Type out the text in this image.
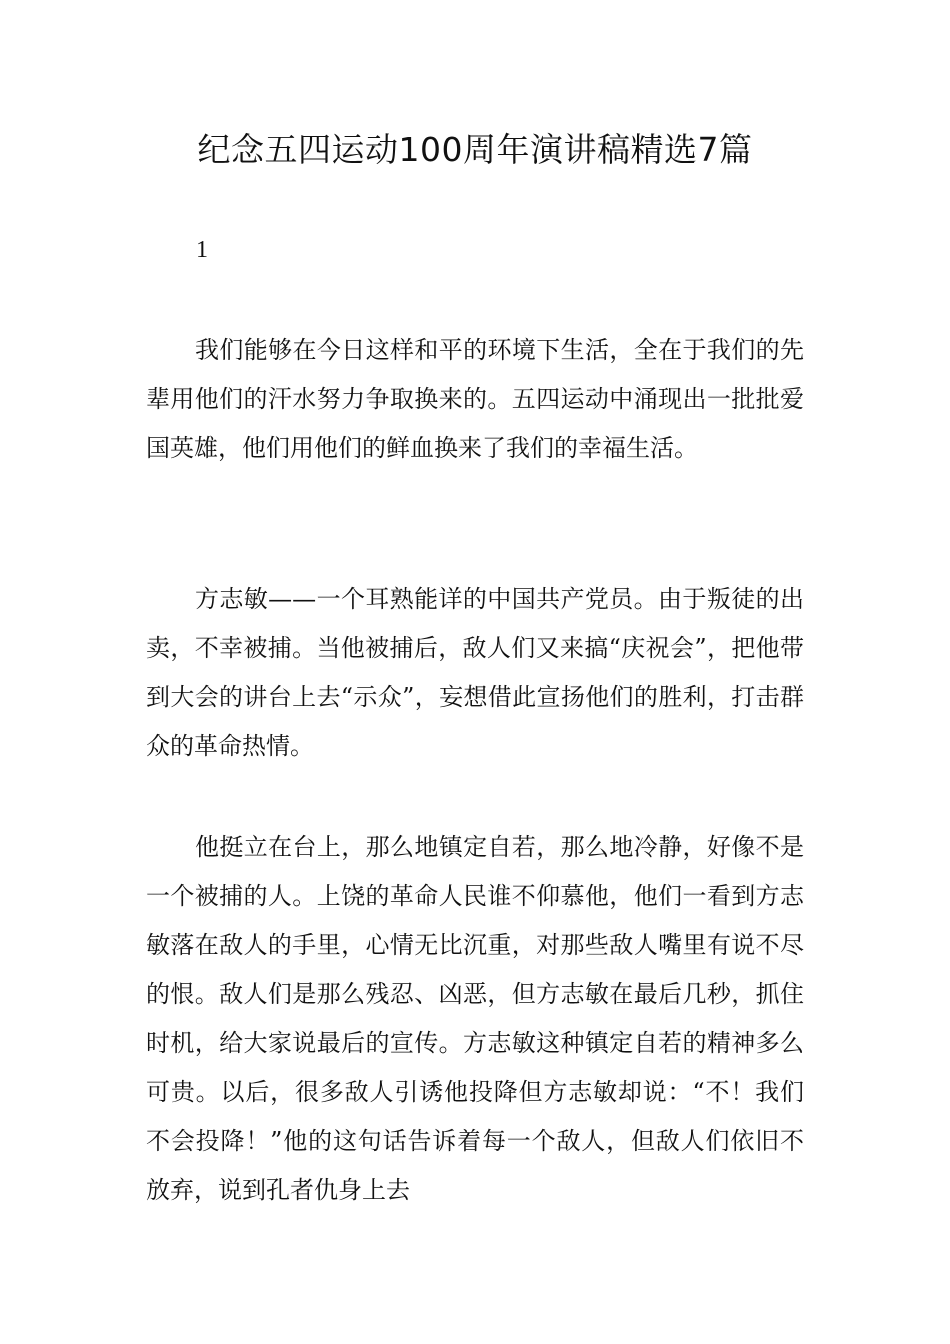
纪念五四运动100周年演讲稿精选7篇
1

我们能够在今日这样和平的环境下生活，全在于我们的先辈用他们的汗水努力争取换来的。五四运动中涌现出一批批爱国英雄，他们用他们的鲜血换来了我们的幸福生活。

方志敏——一个耳熟能详的中国共产党员。由于叛徒的出卖，不幸被捕。当他被捕后，敌人们又来搞“庆祝会”，把他带到大会的讲台上去“示众”，妄想借此宣扬他们的胜利，打击群众的革命热情。

他挺立在台上，那么地镇定自若，那么地冷静，好像不是一个被捕的人。上饶的革命人民谁不仰慕他，他们一看到方志敏落在敌人的手里，心情无比沉重，对那些敌人嘴里有说不尽的恨。敌人们是那么残忍、凶恶，但方志敏在最后几秒，抓住时机，给大家说最后的宣传。方志敏这种镇定自若的精神多么可贵。以后，很多敌人引诱他投降但方志敏却说：“不！我们不会投降！”他的这句话告诉着每一个敌人，但敌人们依旧不放弃，说到孔者仇身上去
